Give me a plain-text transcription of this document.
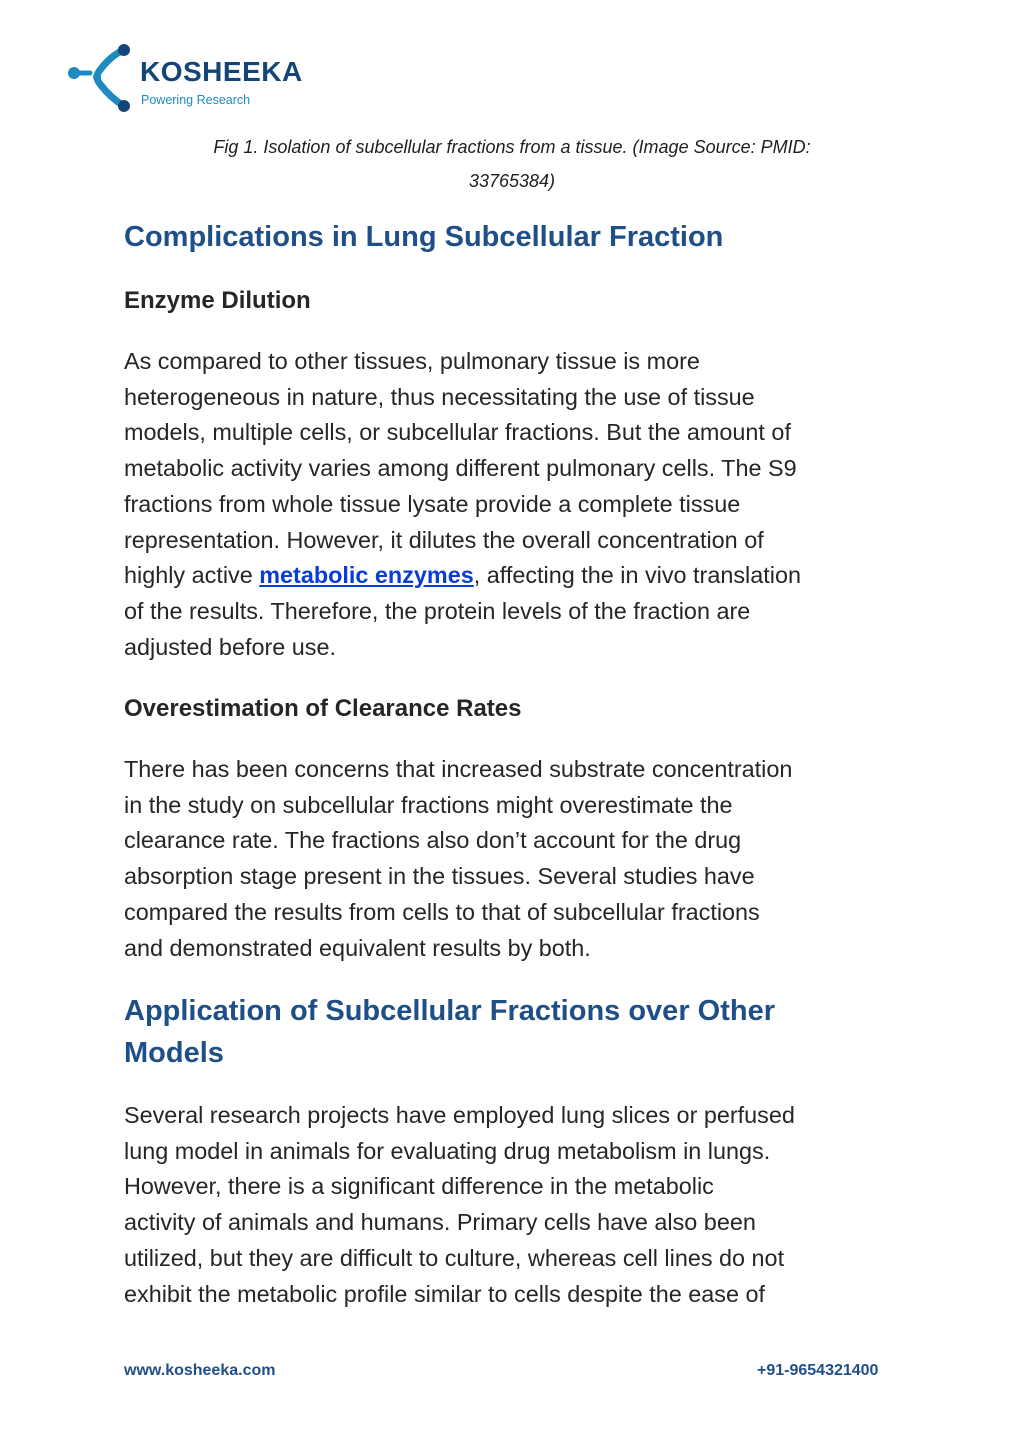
KOSHEEKA
Powering Research
Fig 1. Isolation of subcellular fractions from a tissue. (Image Source: PMID:
33765384)
Complications in Lung Subcellular Fraction
Enzyme Dilution
As compared to other tissues, pulmonary tissue is more
heterogeneous in nature, thus necessitating the use of tissue
models, multiple cells, or subcellular fractions. But the amount of
metabolic activity varies among different pulmonary cells. The S9
fractions from whole tissue lysate provide a complete tissue
representation. However, it dilutes the overall concentration of
highly active metabolic enzymes, affecting the in vivo translation
of the results. Therefore, the protein levels of the fraction are
adjusted before use.
Overestimation of Clearance Rates
There has been concerns that increased substrate concentration
in the study on subcellular fractions might overestimate the
clearance rate. The fractions also don’t account for the drug
absorption stage present in the tissues. Several studies have
compared the results from cells to that of subcellular fractions
and demonstrated equivalent results by both.
Application of Subcellular Fractions over Other
Models
Several research projects have employed lung slices or perfused
lung model in animals for evaluating drug metabolism in lungs.
However, there is a significant difference in the metabolic
activity of animals and humans. Primary cells have also been
utilized, but they are difficult to culture, whereas cell lines do not
exhibit the metabolic profile similar to cells despite the ease of
www.kosheeka.com	+91-9654321400
